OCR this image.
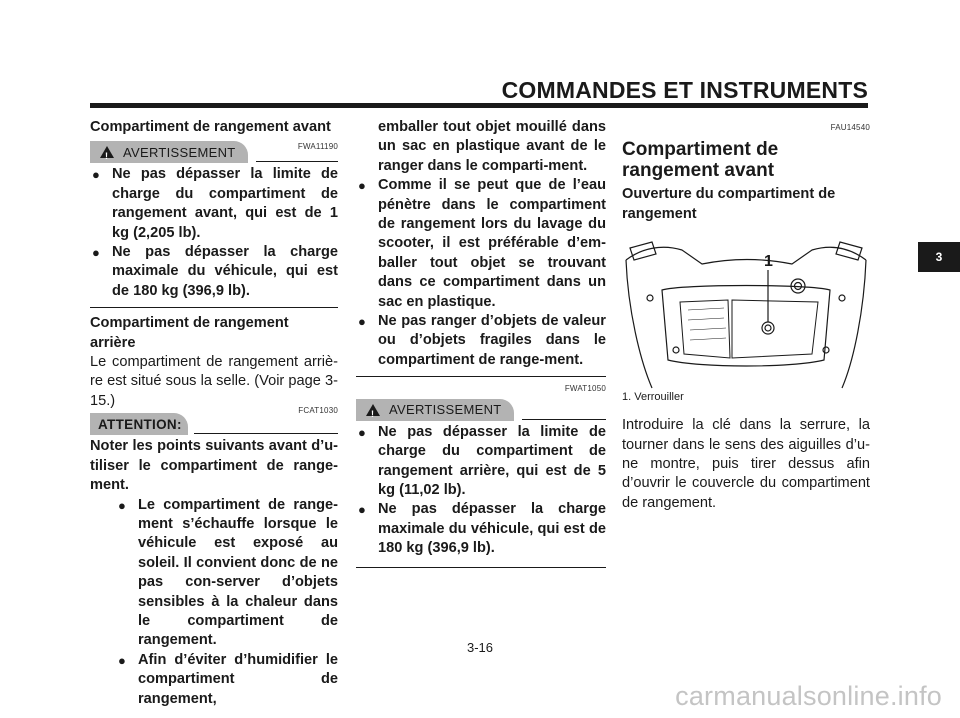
COMMANDES ET INSTRUMENTS
Compartiment de rangement avant
!
AVERTISSEMENT	FWA11190
● Ne pas dépasser la limite de charge du compartiment de rangement avant, qui est de 1 kg (2,205 lb).
● Ne pas dépasser la charge maximale du véhicule, qui est de 180 kg (396,9 lb).
Compartiment de rangement arrière
Le compartiment de rangement arriè-re est situé sous la selle. (Voir page 3-15.)
FCAT1030
ATTENTION:
Noter les points suivants avant d’u-tiliser le compartiment de range-ment.
● Le compartiment de range-ment s’échauffe lorsque le véhicule est exposé au soleil. Il convient donc de ne pas con-server d’objets sensibles à la chaleur dans le compartiment de rangement.
● Afin d’éviter d’humidifier le compartiment de rangement,
emballer tout objet mouillé dans un sac en plastique avant de le ranger dans le comparti-ment.
● Comme il se peut que de l’eau pénètre dans le compartiment de rangement lors du lavage du scooter, il est préférable d’em-baller tout objet se trouvant dans ce compartiment dans un sac en plastique.
● Ne pas ranger d’objets de valeur ou d’objets fragiles dans le compartiment de range-ment.
FWAT1050
!
AVERTISSEMENT
● Ne pas dépasser la limite de charge du compartiment de rangement arrière, qui est de 5 kg (11,02 lb).
● Ne pas dépasser la charge maximale du véhicule, qui est de 180 kg (396,9 lb).
FAU14540
Compartiment de rangement avant
Ouverture du compartiment de rangement
1
1. Verrouiller
Introduire la clé dans la serrure, la tourner dans le sens des aiguilles d’u-ne montre, puis tirer dessus afin d’ouvrir le couvercle du compartiment de rangement.
3
3-16
carmanualsonline.info
